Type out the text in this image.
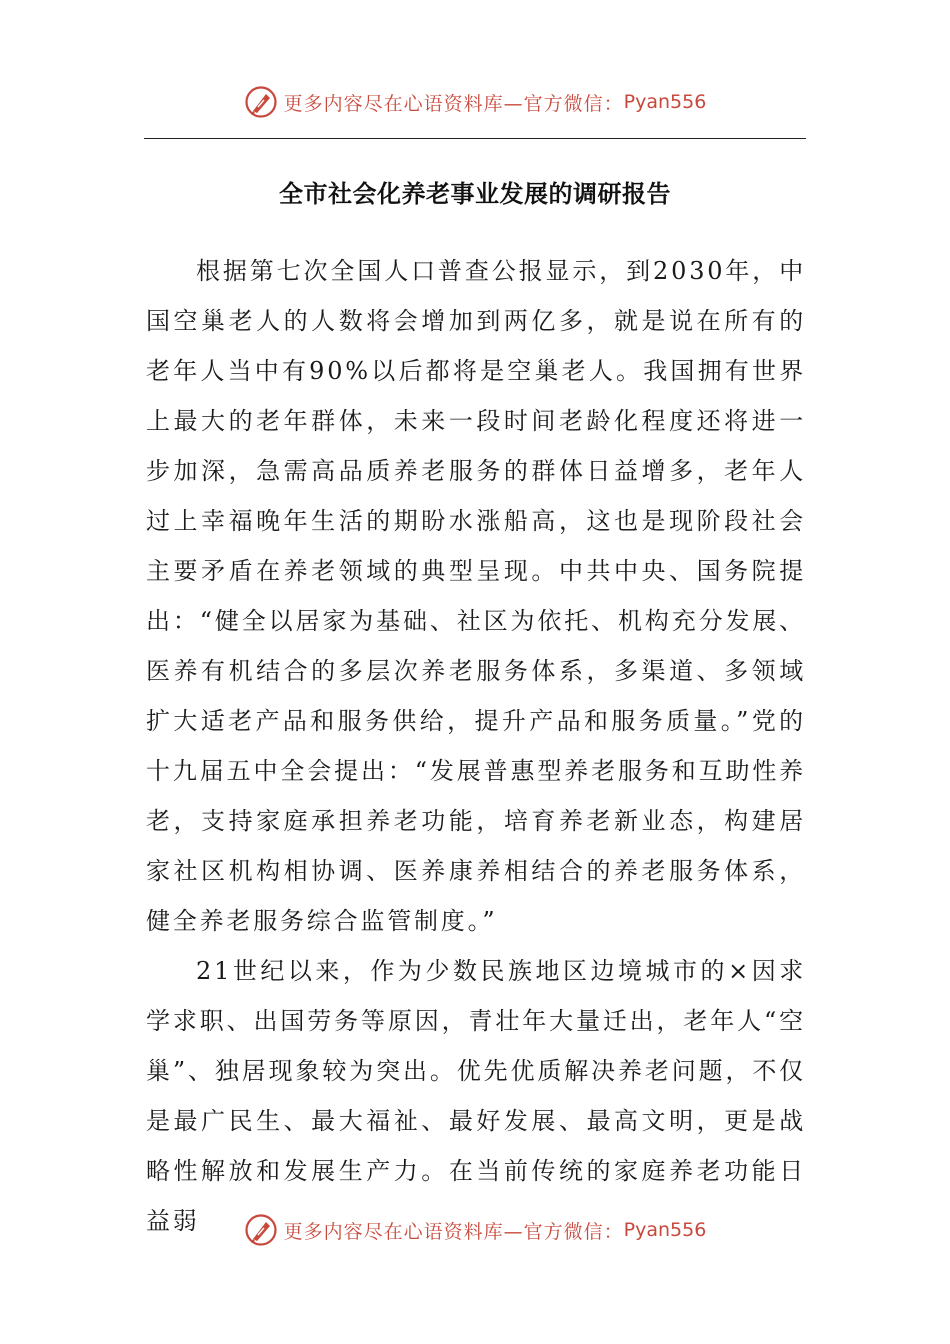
更多内容尽在心语资料库—官方微信： Pyan556
全市社会化养老事业发展的调研报告

根据第七次全国人口普查公报显示，到2030年，中国空巢老人的人数将会增加到两亿多，就是说在所有的老年人当中有90%以后都将是空巢老人。我国拥有世界上最大的老年群体，未来一段时间老龄化程度还将进一步加深，急需高品质养老服务的群体日益增多，老年人过上幸福晚年生活的期盼水涨船高，这也是现阶段社会主要矛盾在养老领域的典型呈现。中共中央、国务院提出：“健全以居家为基础、社区为依托、机构充分发展、医养有机结合的多层次养老服务体系，多渠道、多领域扩大适老产品和服务供给，提升产品和服务质量。”党的十九届五中全会提出：“发展普惠型养老服务和互助性养老，支持家庭承担养老功能，培育养老新业态，构建居家社区机构相协调、医养康养相结合的养老服务体系，健全养老服务综合监管制度。”

21世纪以来，作为少数民族地区边境城市的×因求学求职、出国劳务等原因，青壮年大量迁出，老年人“空巢”、独居现象较为突出。优先优质解决养老问题，不仅是最广民生、最大福祉、最好发展、最高文明，更是战略性解放和发展生产力。在当前传统的家庭养老功能日益弱	更多内容尽在心语资料库—官方微信： Pyan556
